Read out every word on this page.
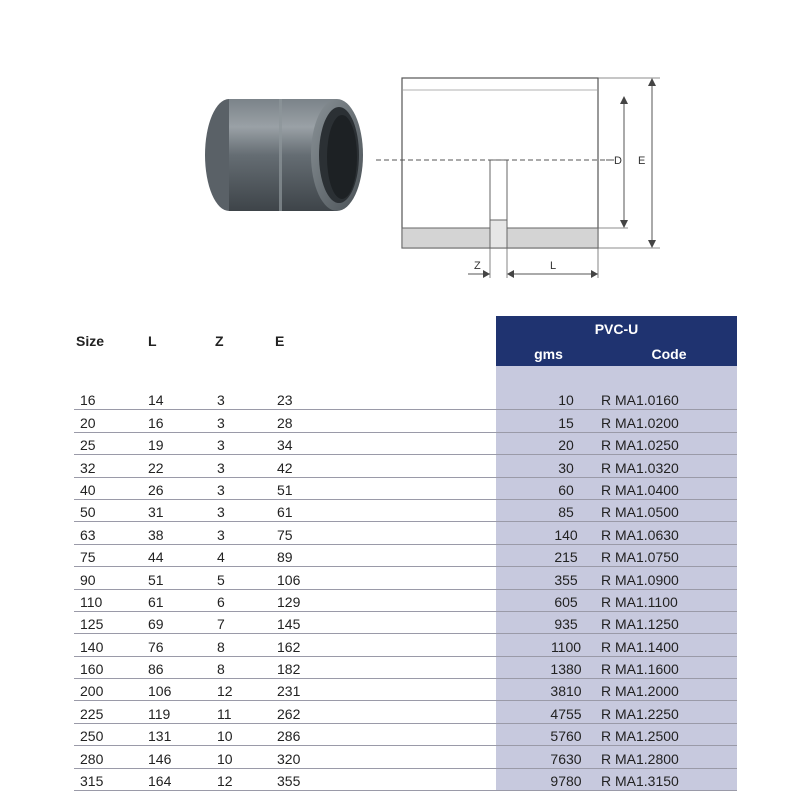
D E
Z	L
Size	L	Z	E	PVC-U	
				gms	Code

16	14	3	23	10	R MA1.0160
20	16	3	28	15	R MA1.0200
25	19	3	34	20	R MA1.0250
32	22	3	42	30	R MA1.0320
40	26	3	51	60	R MA1.0400
50	31	3	61	85	R MA1.0500
63	38	3	75	140	R MA1.0630
75	44	4	89	215	R MA1.0750
90	51	5	106	355	R MA1.0900
110	61	6	129	605	R MA1.1100
125	69	7	145	935	R MA1.1250
140	76	8	162	1100	R MA1.1400
160	86	8	182	1380	R MA1.1600
200	106	12	231	3810	R MA1.2000
225	119	11	262	4755	R MA1.2250
250	131	10	286	5760	R MA1.2500
280	146	10	320	7630	R MA1.2800
315	164	12	355	9780	R MA1.3150
